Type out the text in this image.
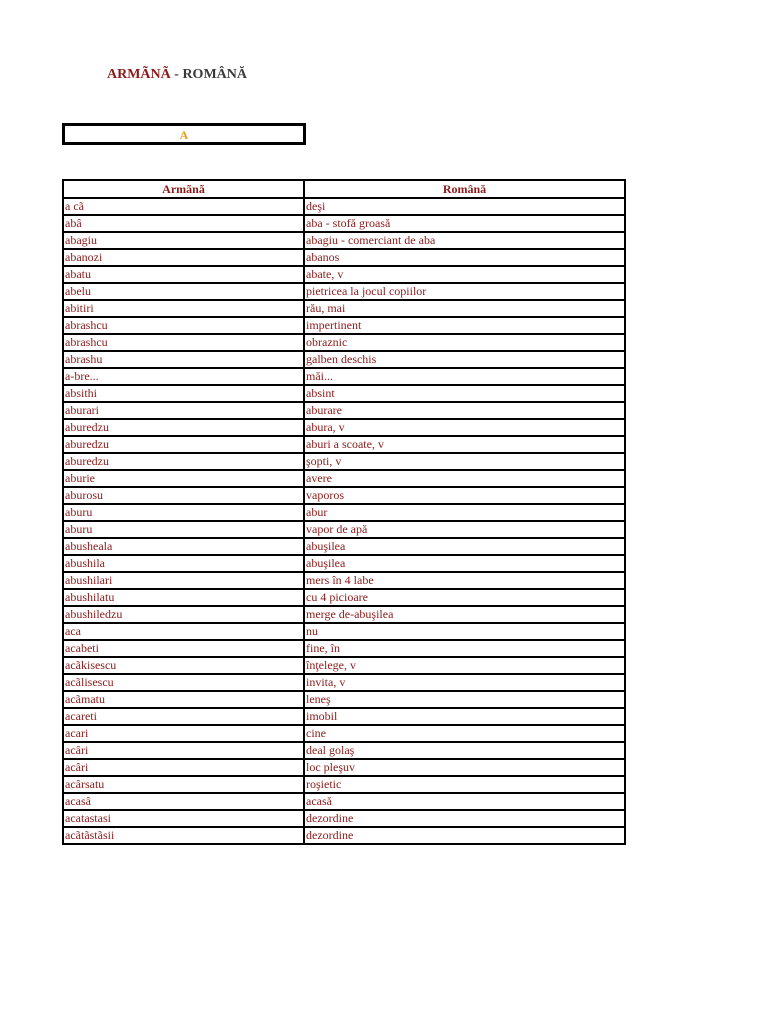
ARMÃNÃ - ROMÂNĂ
A
Armãnã	Română
a cã	deşi
abâ	aba - stofă groasă
abagiu	abagiu - comerciant de aba
abanozi	abanos
abatu	abate, v
abelu	pietricea la jocul copiilor
abitiri	rău, mai
abrashcu	impertinent
abrashcu	obraznic
abrashu	galben deschis
a-bre...	măi...
absithi	absint
aburari	aburare
aburedzu	abura, v
aburedzu	aburi a scoate, v
aburedzu	şopti, v
aburie	avere
aburosu	vaporos
aburu	abur
aburu	vapor de apă
abusheala	abuşilea
abushila	abuşilea
abushilari	mers în 4 labe
abushilatu	cu 4 picioare
abushiledzu	merge de-abuşilea
aca	nu
acabeti	fine, în
acãkisescu	înţelege, v
acãlisescu	invita, v
acãmatu	leneş
acareti	imobil
acari	cine
acâri	deal golaş
acâri	loc pleşuv
acârsatu	roşietic
acasâ	acasă
acatastasi	dezordine
acãtãstãsii	dezordine
